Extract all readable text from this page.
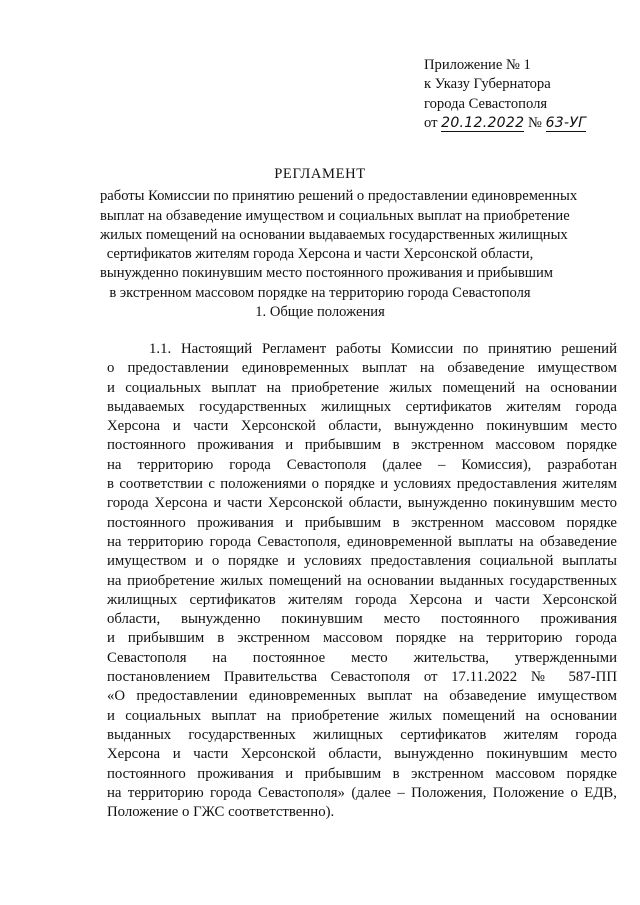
Приложение № 1
к Указу Губернатора
города Севастополя
от 20.12.2022 № 63-УГ
РЕГЛАМЕНТ
работы Комиссии по принятию решений о предоставлении единовременных
выплат на обзаведение имуществом и социальных выплат на приобретение
жилых помещений на основании выдаваемых государственных жилищных
сертификатов жителям города Херсона и части Херсонской области,
вынужденно покинувшим место постоянного проживания и прибывшим
в экстренном массовом порядке на территорию города Севастополя
1. Общие положения
1.1. Настоящий Регламент работы Комиссии по принятию решений
о предоставлении единовременных выплат на обзаведение имуществом
и социальных выплат на приобретение жилых помещений на основании
выдаваемых государственных жилищных сертификатов жителям города
Херсона и части Херсонской области, вынужденно покинувшим место
постоянного проживания и прибывшим в экстренном массовом порядке
на территорию города Севастополя (далее – Комиссия), разработан
в соответствии с положениями о порядке и условиях предоставления жителям
города Херсона и части Херсонской области, вынужденно покинувшим место
постоянного проживания и прибывшим в экстренном массовом порядке
на территорию города Севастополя, единовременной выплаты на обзаведение
имуществом и о порядке и условиях предоставления социальной выплаты
на приобретение жилых помещений на основании выданных государственных
жилищных сертификатов жителям города Херсона и части Херсонской
области, вынужденно покинувшим место постоянного проживания
и прибывшим в экстренном массовом порядке на территорию города
Севастополя на постоянное место жительства, утвержденными
постановлением Правительства Севастополя от 17.11.2022 № 587-ПП
«О предоставлении единовременных выплат на обзаведение имуществом
и социальных выплат на приобретение жилых помещений на основании
выданных государственных жилищных сертификатов жителям города
Херсона и части Херсонской области, вынужденно покинувшим место
постоянного проживания и прибывшим в экстренном массовом порядке
на территорию города Севастополя» (далее – Положения, Положение о ЕДВ,
Положение о ГЖС соответственно).
